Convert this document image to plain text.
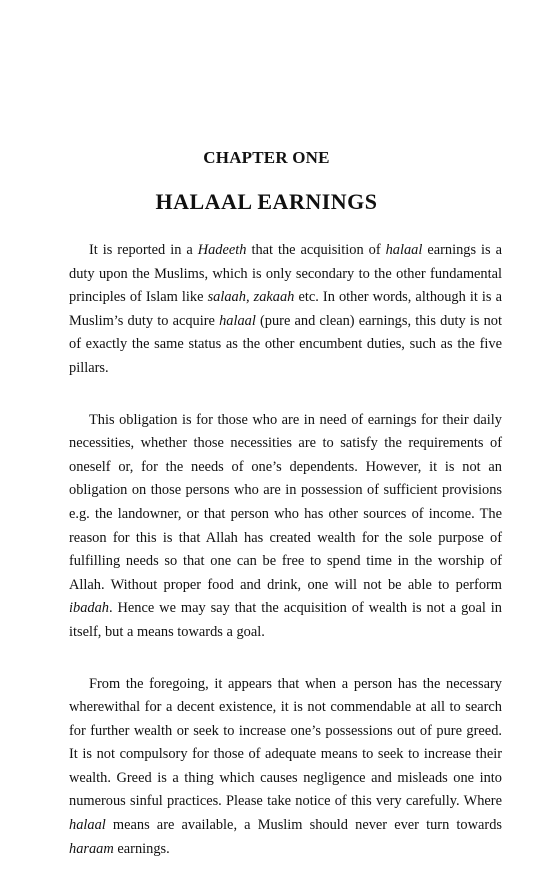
CHAPTER ONE
HALAAL EARNINGS

It is reported in a Hadeeth that the acquisition of halaal earnings is a duty upon the Muslims, which is only secondary to the other fundamental principles of Islam like salaah, zakaah etc. In other words, although it is a Muslim’s duty to acquire halaal (pure and clean) earnings, this duty is not of exactly the same status as the other encumbent duties, such as the five pillars.

This obligation is for those who are in need of earnings for their daily necessities, whether those necessities are to satisfy the requirements of oneself or, for the needs of one’s dependents. However, it is not an obligation on those persons who are in possession of sufficient provisions e.g. the landowner, or that person who has other sources of income. The reason for this is that Allah has created wealth for the sole purpose of fulfilling needs so that one can be free to spend time in the worship of Allah. Without proper food and drink, one will not be able to perform ibadah. Hence we may say that the acquisition of wealth is not a goal in itself, but a means towards a goal.

From the foregoing, it appears that when a person has the necessary wherewithal for a decent existence, it is not commendable at all to search for further wealth or seek to increase one’s possessions out of pure greed. It is not compulsory for those of adequate means to seek to increase their wealth. Greed is a thing which causes negligence and misleads one into numerous sinful practices. Please take notice of this very carefully. Where halaal means are available, a Muslim should never ever turn towards haraam earnings.
